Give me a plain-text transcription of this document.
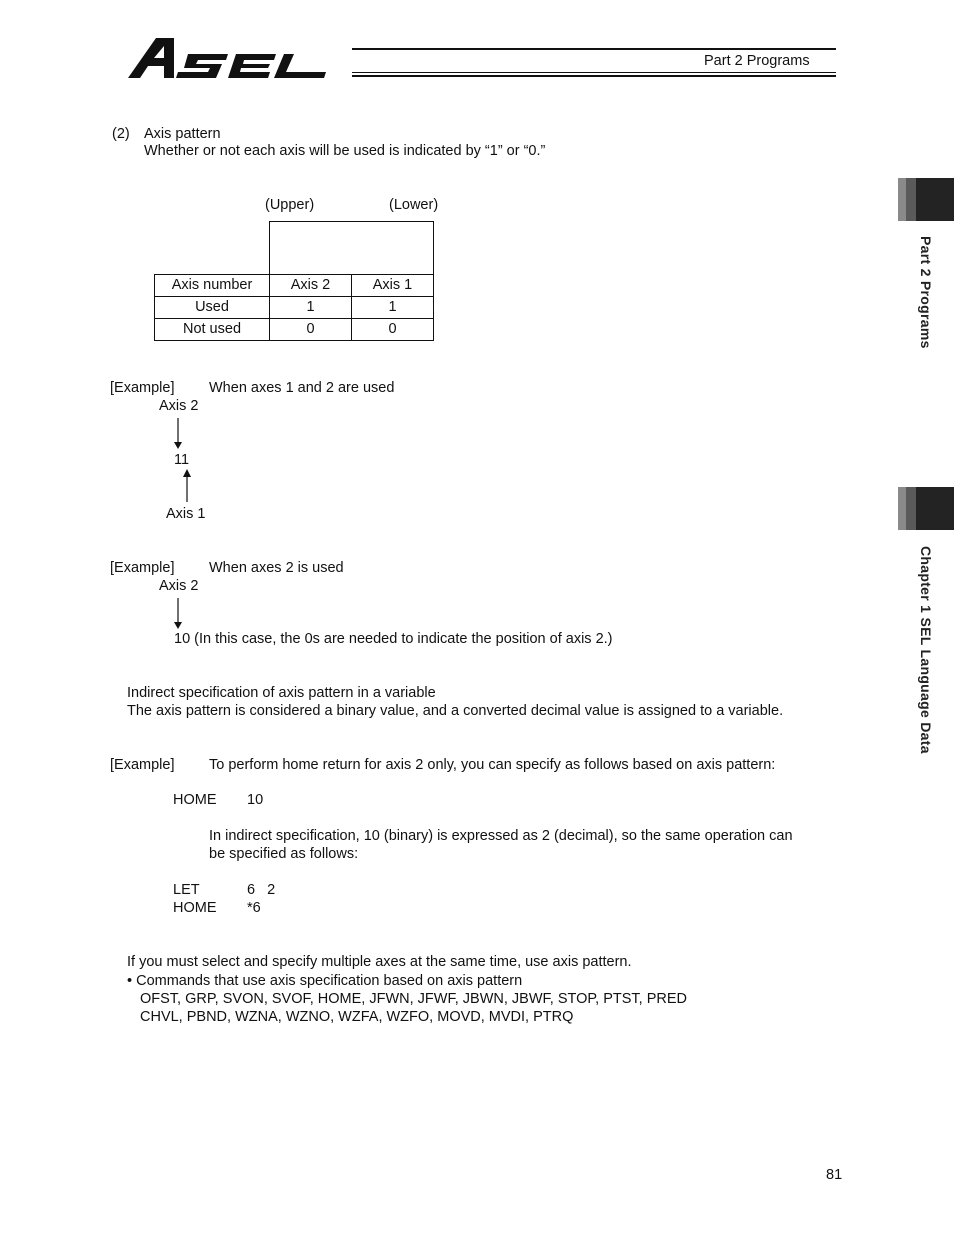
Part 2 Programs
Part 2 Programs
Chapter 1 SEL Language Data
(2) Axis pattern
Whether or not each axis will be used is indicated by “1” or “0.”
(Upper)	(Lower)
Axis number	Axis 2	Axis 1
Used	1	1
Not used	0	0
[Example] When axes 1 and 2 are used
Axis 2
11
Axis 1
[Example] When axes 2 is used
Axis 2
10 (In this case, the 0s are needed to indicate the position of axis 2.)
Indirect specification of axis pattern in a variable
The axis pattern is considered a binary value, and a converted decimal value is assigned to a variable.
[Example] To perform home return for axis 2 only, you can specify as follows based on axis pattern:
HOME 10
In indirect specification, 10 (binary) is expressed as 2 (decimal), so the same operation can
be specified as follows:
LET	6   2
HOME *6
If you must select and specify multiple axes at the same time, use axis pattern.
• Commands that use axis specification based on axis pattern
OFST, GRP, SVON, SVOF, HOME, JFWN, JFWF, JBWN, JBWF, STOP, PTST, PRED
CHVL, PBND, WZNA, WZNO, WZFA, WZFO, MOVD, MVDI, PTRQ
81
